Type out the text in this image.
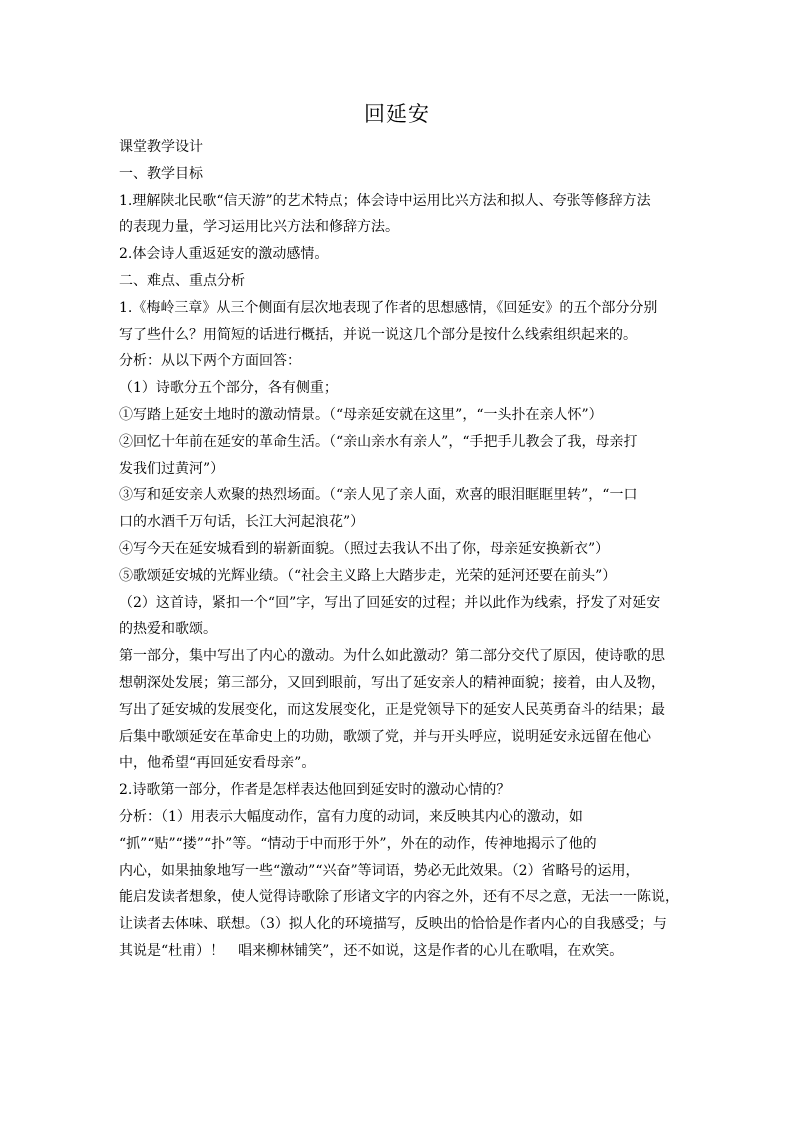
回延安
课堂教学设计
一、教学目标
1.理解陕北民歌“信天游”的艺术特点；体会诗中运用比兴方法和拟人、夸张等修辞方法
的表现力量，学习运用比兴方法和修辞方法。
2.体会诗人重返延安的激动感情。
二、难点、重点分析
1.《梅岭三章》从三个侧面有层次地表现了作者的思想感情，《回延安》的五个部分分别
写了些什么？用简短的话进行概括，并说一说这几个部分是按什么线索组织起来的。
分析：从以下两个方面回答：
（1）诗歌分五个部分，各有侧重；
①写踏上延安土地时的激动情景。（“母亲延安就在这里”，“一头扑在亲人怀”）
②回忆十年前在延安的革命生活。（“亲山亲水有亲人”，“手把手儿教会了我，母亲打
发我们过黄河”）
③写和延安亲人欢聚的热烈场面。（“亲人见了亲人面，欢喜的眼泪眶眶里转”，“一口
口的水酒千万句话，长江大河起浪花”）
④写今天在延安城看到的崭新面貌。（照过去我认不出了你，母亲延安换新衣”）
⑤歌颂延安城的光辉业绩。（“社会主义路上大踏步走，光荣的延河还要在前头”）
（2）这首诗，紧扣一个“回”字，写出了回延安的过程；并以此作为线索，抒发了对延安
的热爱和歌颂。
第一部分，集中写出了内心的激动。为什么如此激动？第二部分交代了原因，使诗歌的思
想朝深处发展；第三部分，又回到眼前，写出了延安亲人的精神面貌；接着，由人及物，
写出了延安城的发展变化，而这发展变化，正是党领导下的延安人民英勇奋斗的结果；最
后集中歌颂延安在革命史上的功勋，歌颂了党，并与开头呼应，说明延安永远留在他心
中，他希望“再回延安看母亲”。
2.诗歌第一部分，作者是怎样表达他回到延安时的激动心情的？
分析：（1）用表示大幅度动作，富有力度的动词，来反映其内心的激动，如
“抓”“贴”“搂”“扑”等。“情动于中而形于外”，外在的动作，传神地揭示了他的
内心，如果抽象地写一些“激动”“兴奋”等词语，势必无此效果。（2）省略号的运用，
能启发读者想象，使人觉得诗歌除了形诸文字的内容之外，还有不尽之意，无法一一陈说，
让读者去体味、联想。（3）拟人化的环境描写，反映出的恰恰是作者内心的自我感受；与
其说是“杜甫）！　唱来柳林铺笑”，还不如说，这是作者的心儿在歌唱，在欢笑。
